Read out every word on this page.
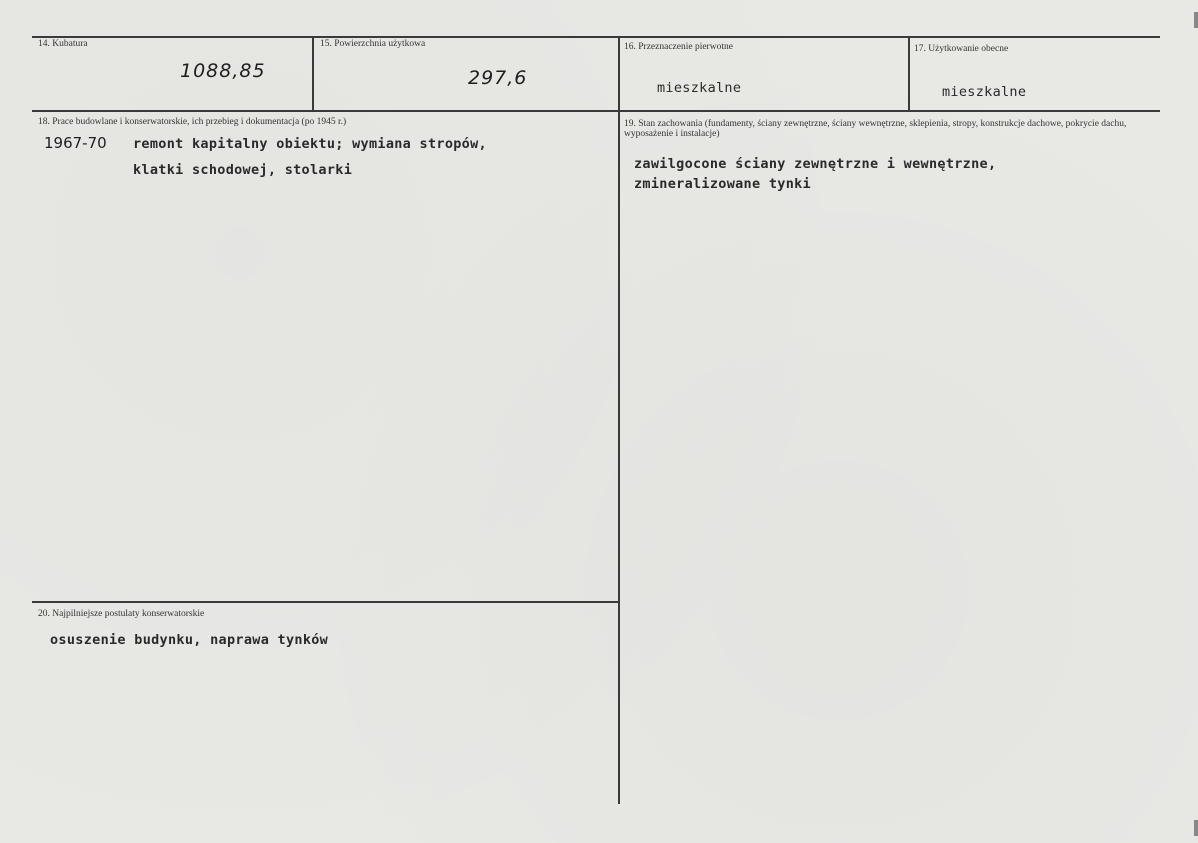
14. Kubatura
1088,85
15. Powierzchnia użytkowa
297,6
16. Przeznaczenie pierwotne
mieszkalne
17. Użytkowanie obecne
mieszkalne
18. Prace budowlane i konserwatorskie, ich przebieg i dokumentacja (po 1945 r.)
1967-70 remont kapitalny obiektu; wymiana stropów,
klatki schodowej, stolarki
19. Stan zachowania (fundamenty, ściany zewnętrzne, ściany wewnętrzne, sklepienia, stropy, konstrukcje dachowe, pokrycie dachu, wyposażenie i instalacje)
zawilgocone ściany zewnętrzne i wewnętrzne,
zmineralizowane tynki
20. Najpilniejsze postulaty konserwatorskie
osuszenie budynku, naprawa tynków
